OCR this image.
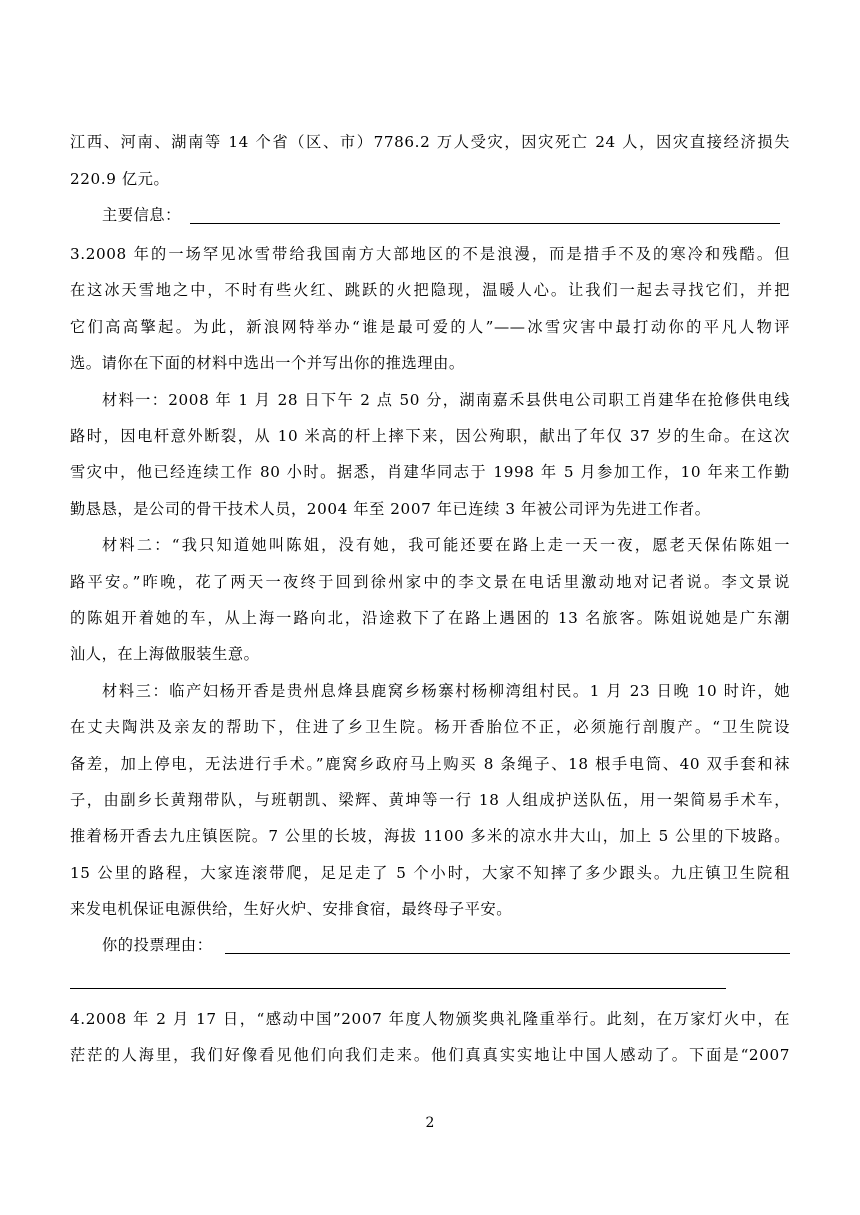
江西、河南、湖南等 14 个省（区、市）7786.2 万人受灾，因灾死亡 24 人，因灾直接经济损失
220.9 亿元。
主要信息：
3.2008 年的一场罕见冰雪带给我国南方大部地区的不是浪漫，而是措手不及的寒冷和残酷。但
在这冰天雪地之中，不时有些火红、跳跃的火把隐现，温暖人心。让我们一起去寻找它们，并把
它们高高擎起。为此，新浪网特举办“谁是最可爱的人”——冰雪灾害中最打动你的平凡人物评
选。请你在下面的材料中选出一个并写出你的推选理由。
材料一：2008 年 1 月 28 日下午 2 点 50 分，湖南嘉禾县供电公司职工肖建华在抢修供电线
路时，因电杆意外断裂，从 10 米高的杆上摔下来，因公殉职，献出了年仅 37 岁的生命。在这次
雪灾中，他已经连续工作 80 小时。据悉，肖建华同志于 1998 年 5 月参加工作，10 年来工作勤
勤恳恳，是公司的骨干技术人员，2004 年至 2007 年已连续 3 年被公司评为先进工作者。
材料二：“我只知道她叫陈姐，没有她，我可能还要在路上走一天一夜，愿老天保佑陈姐一
路平安。”昨晚，花了两天一夜终于回到徐州家中的李文景在电话里激动地对记者说。李文景说
的陈姐开着她的车，从上海一路向北，沿途救下了在路上遇困的 13 名旅客。陈姐说她是广东潮
汕人，在上海做服装生意。
材料三：临产妇杨开香是贵州息烽县鹿窝乡杨寨村杨柳湾组村民。1 月 23 日晚 10 时许，她
在丈夫陶洪及亲友的帮助下，住进了乡卫生院。杨开香胎位不正，必须施行剖腹产。“卫生院设
备差，加上停电，无法进行手术。”鹿窝乡政府马上购买 8 条绳子、18 根手电筒、40 双手套和袜
子，由副乡长黄翔带队，与班朝凯、梁辉、黄坤等一行 18 人组成护送队伍，用一架简易手术车，
推着杨开香去九庄镇医院。7 公里的长坡，海拔 1100 多米的凉水井大山，加上 5 公里的下坡路。
15 公里的路程，大家连滚带爬，足足走了 5 个小时，大家不知摔了多少跟头。九庄镇卫生院租
来发电机保证电源供给，生好火炉、安排食宿，最终母子平安。
你的投票理由：
4.2008 年 2 月 17 日，“感动中国”2007 年度人物颁奖典礼隆重举行。此刻，在万家灯火中，在
茫茫的人海里，我们好像看见他们向我们走来。他们真真实实地让中国人感动了。下面是“2007
2
